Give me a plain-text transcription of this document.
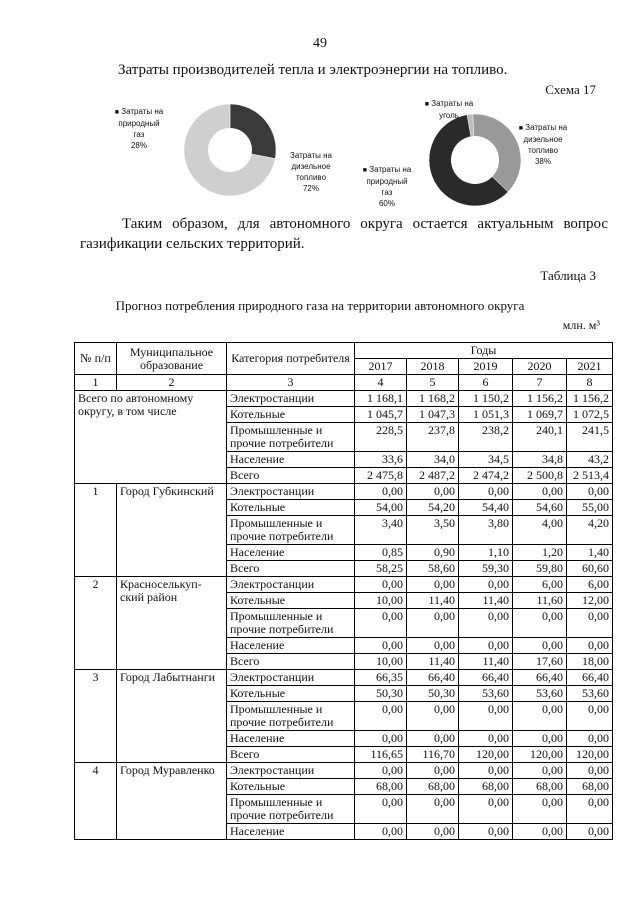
49
Затраты производителей тепла и электроэнергии на топливо.
Схема 17
■ Затраты на
природный
газ
28%
Затраты на
дизельное
топливо
72%
■ Затраты на
уголь
■ Затраты на
дизельное
топливо
38%
■ Затраты на
природный
газ
60%
Таким образом, для автономного округа остается актуальным вопрос газификации сельских территорий.
Таблица 3
Прогноз потребления природного газа на территории автономного округа
млн. м³
№ п/п	Муниципальное образование	Категория потребителя	Годы				
			2017	2018	2019	2020	2021
1	2	3	4	5	6	7	8
Всего по автономному округу, в том числе		Электростанции	1 168,1	1 168,2	1 150,2	1 156,2	1 156,2
		Котельные	1 045,7	1 047,3	1 051,3	1 069,7	1 072,5
		Промышленные и прочие потребители	228,5	237,8	238,2	240,1	241,5
		Население	33,6	34,0	34,5	34,8	43,2
		Всего	2 475,8	2 487,2	2 474,2	2 500,8	2 513,4
1	Город Губкинский	Электростанции	0,00	0,00	0,00	0,00	0,00
		Котельные	54,00	54,20	54,40	54,60	55,00
		Промышленные и прочие потребители	3,40	3,50	3,80	4,00	4,20
		Население	0,85	0,90	1,10	1,20	1,40
		Всего	58,25	58,60	59,30	59,80	60,60
2	Красноселькуп-ский район	Электростанции	0,00	0,00	0,00	6,00	6,00
		Котельные	10,00	11,40	11,40	11,60	12,00
		Промышленные и прочие потребители	0,00	0,00	0,00	0,00	0,00
		Население	0,00	0,00	0,00	0,00	0,00
		Всего	10,00	11,40	11,40	17,60	18,00
3	Город Лабытнанги	Электростанции	66,35	66,40	66,40	66,40	66,40
		Котельные	50,30	50,30	53,60	53,60	53,60
		Промышленные и прочие потребители	0,00	0,00	0,00	0,00	0,00
		Население	0,00	0,00	0,00	0,00	0,00
		Всего	116,65	116,70	120,00	120,00	120,00
4	Город Муравленко	Электростанции	0,00	0,00	0,00	0,00	0,00
		Котельные	68,00	68,00	68,00	68,00	68,00
		Промышленные и прочие потребители	0,00	0,00	0,00	0,00	0,00
		Население	0,00	0,00	0,00	0,00	0,00
